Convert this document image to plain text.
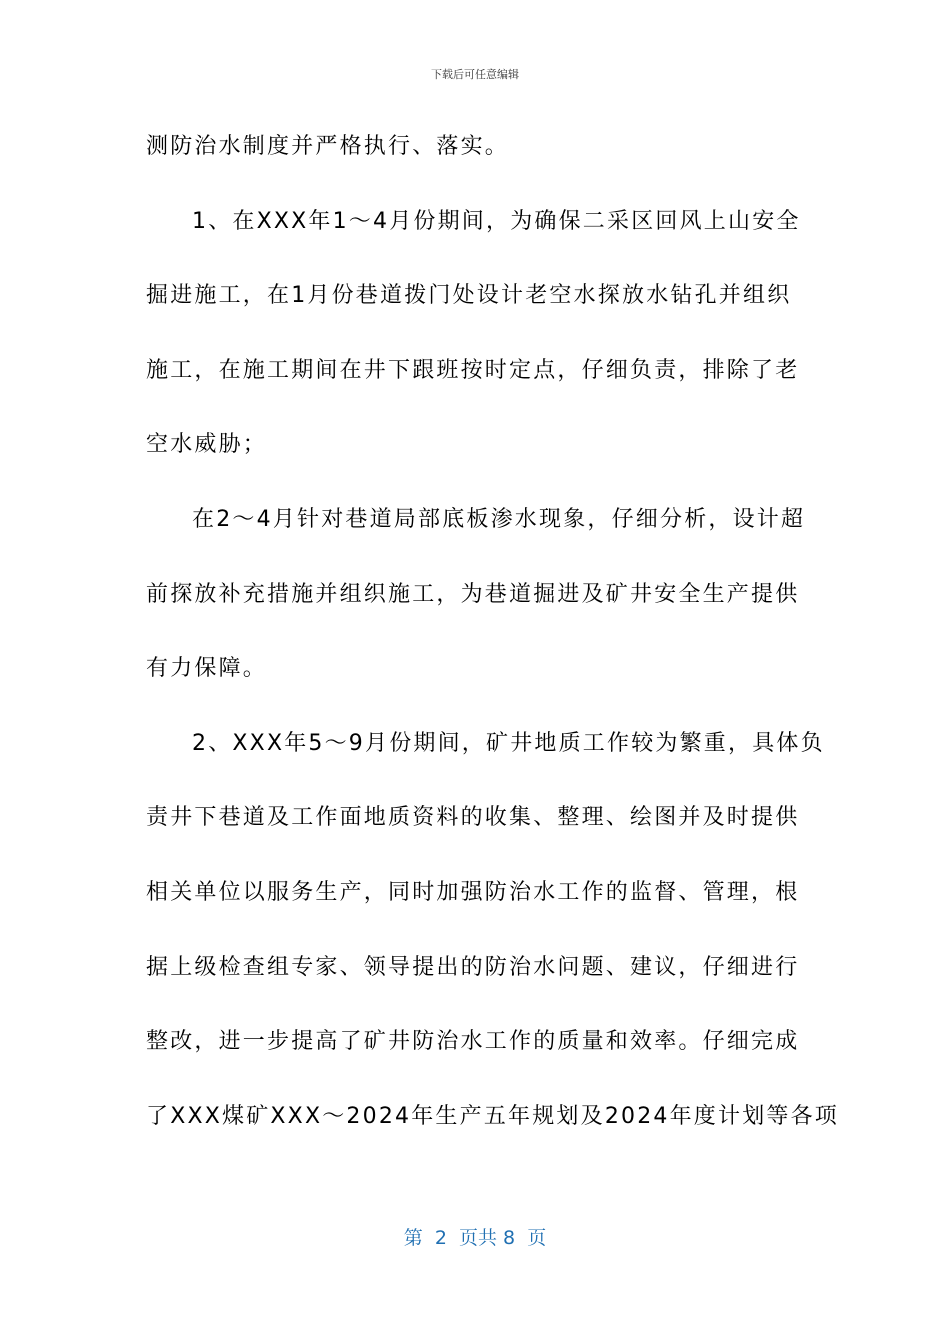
下载后可任意编辑
测防治水制度并严格执行、落实。
1、在XXX年1～4月份期间，为确保二采区回风上山安全
掘进施工，在1月份巷道拨门处设计老空水探放水钻孔并组织
施工，在施工期间在井下跟班按时定点，仔细负责，排除了老
空水威胁；
在2～4月针对巷道局部底板渗水现象，仔细分析，设计超
前探放补充措施并组织施工，为巷道掘进及矿井安全生产提供
有力保障。
2、XXX年5～9月份期间，矿井地质工作较为繁重，具体负
责井下巷道及工作面地质资料的收集、整理、绘图并及时提供
相关单位以服务生产，同时加强防治水工作的监督、管理，根
据上级检查组专家、领导提出的防治水问题、建议，仔细进行
整改，进一步提高了矿井防治水工作的质量和效率。仔细完成
了XXX煤矿XXX～2024年生产五年规划及2024年度计划等各项
第  2  页共 8  页
